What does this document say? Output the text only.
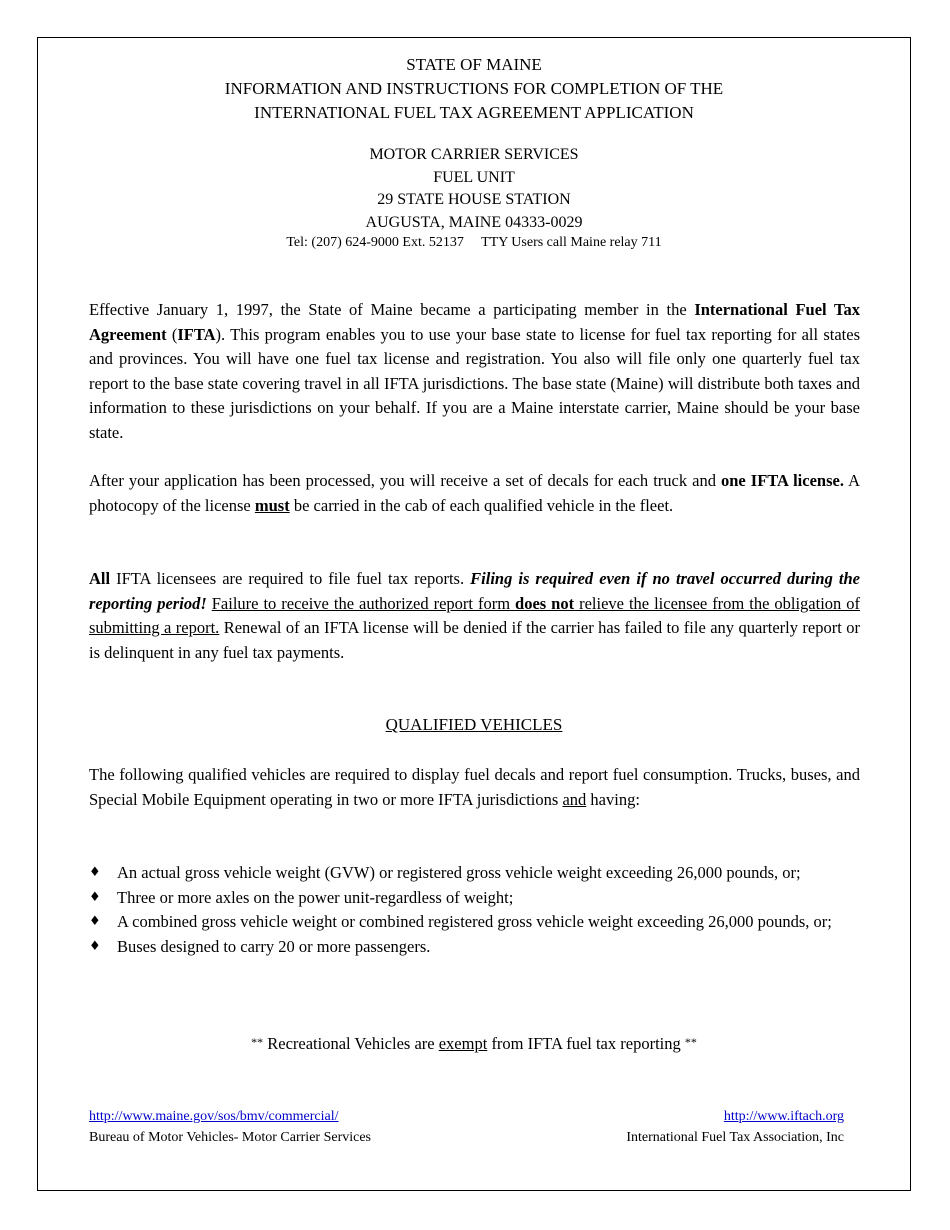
STATE OF MAINE
INFORMATION AND INSTRUCTIONS FOR COMPLETION OF THE
INTERNATIONAL FUEL TAX AGREEMENT APPLICATION
MOTOR CARRIER SERVICES
FUEL UNIT
29 STATE HOUSE STATION
AUGUSTA, MAINE 04333-0029
Tel: (207) 624-9000 Ext. 52137 TTY Users call Maine relay 711

Effective January 1, 1997, the State of Maine became a participating member in the International Fuel Tax Agreement (IFTA). This program enables you to use your base state to license for fuel tax reporting for all states and provinces. You will have one fuel tax license and registration. You also will file only one quarterly fuel tax report to the base state covering travel in all IFTA jurisdictions. The base state (Maine) will distribute both taxes and information to these jurisdictions on your behalf. If you are a Maine interstate carrier, Maine should be your base state.

After your application has been processed, you will receive a set of decals for each truck and one IFTA license. A photocopy of the license must be carried in the cab of each qualified vehicle in the fleet.

All IFTA licensees are required to file fuel tax reports. Filing is required even if no travel occurred during the reporting period! Failure to receive the authorized report form does not relieve the licensee from the obligation of submitting a report. Renewal of an IFTA license will be denied if the carrier has failed to file any quarterly report or is delinquent in any fuel tax payments.

QUALIFIED VEHICLES

The following qualified vehicles are required to display fuel decals and report fuel consumption. Trucks, buses, and Special Mobile Equipment operating in two or more IFTA jurisdictions and having:

♦ An actual gross vehicle weight (GVW) or registered gross vehicle weight exceeding 26,000 pounds, or;
♦ Three or more axles on the power unit-regardless of weight;
♦ A combined gross vehicle weight or combined registered gross vehicle weight exceeding 26,000 pounds, or;
♦ Buses designed to carry 20 or more passengers.
** Recreational Vehicles are exempt from IFTA fuel tax reporting **
http://www.maine.gov/sos/bmv/commercial/
Bureau of Motor Vehicles- Motor Carrier Services
http://www.iftach.org
International Fuel Tax Association, Inc
